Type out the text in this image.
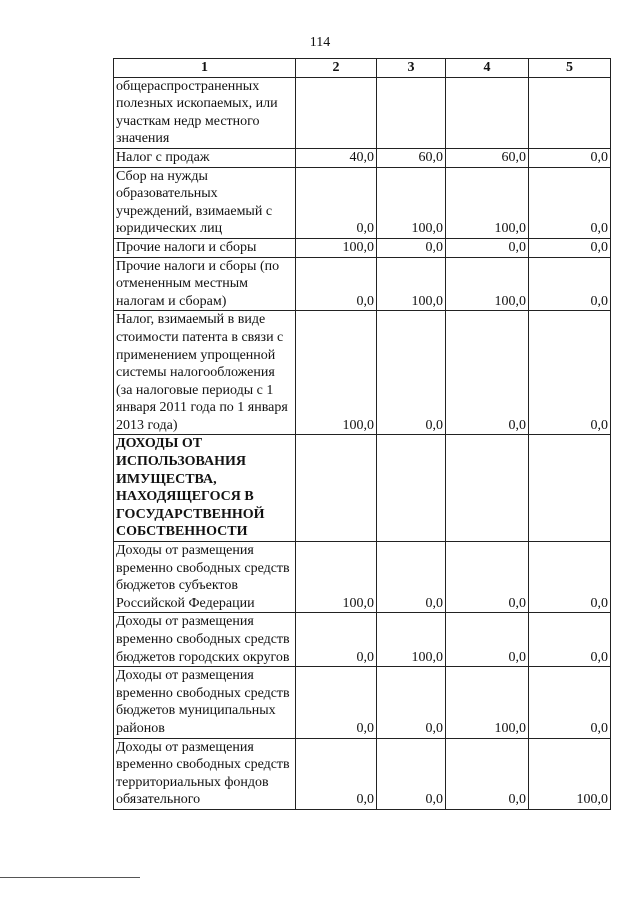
114
1	2	3	4	5
общераспространенных полезных ископаемых, или участкам недр местного значения				
Налог с продаж	40,0	60,0	60,0	0,0
Сбор на нужды образовательных учреждений, взимаемый с юридических лиц	0,0	100,0	100,0	0,0
Прочие налоги и сборы	100,0	0,0	0,0	0,0
Прочие налоги и сборы (по отмененным местным налогам и сборам)	0,0	100,0	100,0	0,0
Налог, взимаемый в виде стоимости патента в связи с применением упрощенной системы налогообложения (за налоговые периоды с 1 января 2011 года по 1 января 2013 года)	100,0	0,0	0,0	0,0
ДОХОДЫ ОТ ИСПОЛЬЗОВАНИЯ ИМУЩЕСТВА, НАХОДЯЩЕГОСЯ В ГОСУДАРСТВЕННОЙ СОБСТВЕННОСТИ				
Доходы от размещения временно свободных средств бюджетов субъектов Российской Федерации	100,0	0,0	0,0	0,0
Доходы от размещения временно свободных средств бюджетов городских округов	0,0	100,0	0,0	0,0
Доходы от размещения временно свободных средств бюджетов муниципальных районов	0,0	0,0	100,0	0,0
Доходы от размещения временно свободных средств территориальных фондов обязательного	0,0	0,0	0,0	100,0
